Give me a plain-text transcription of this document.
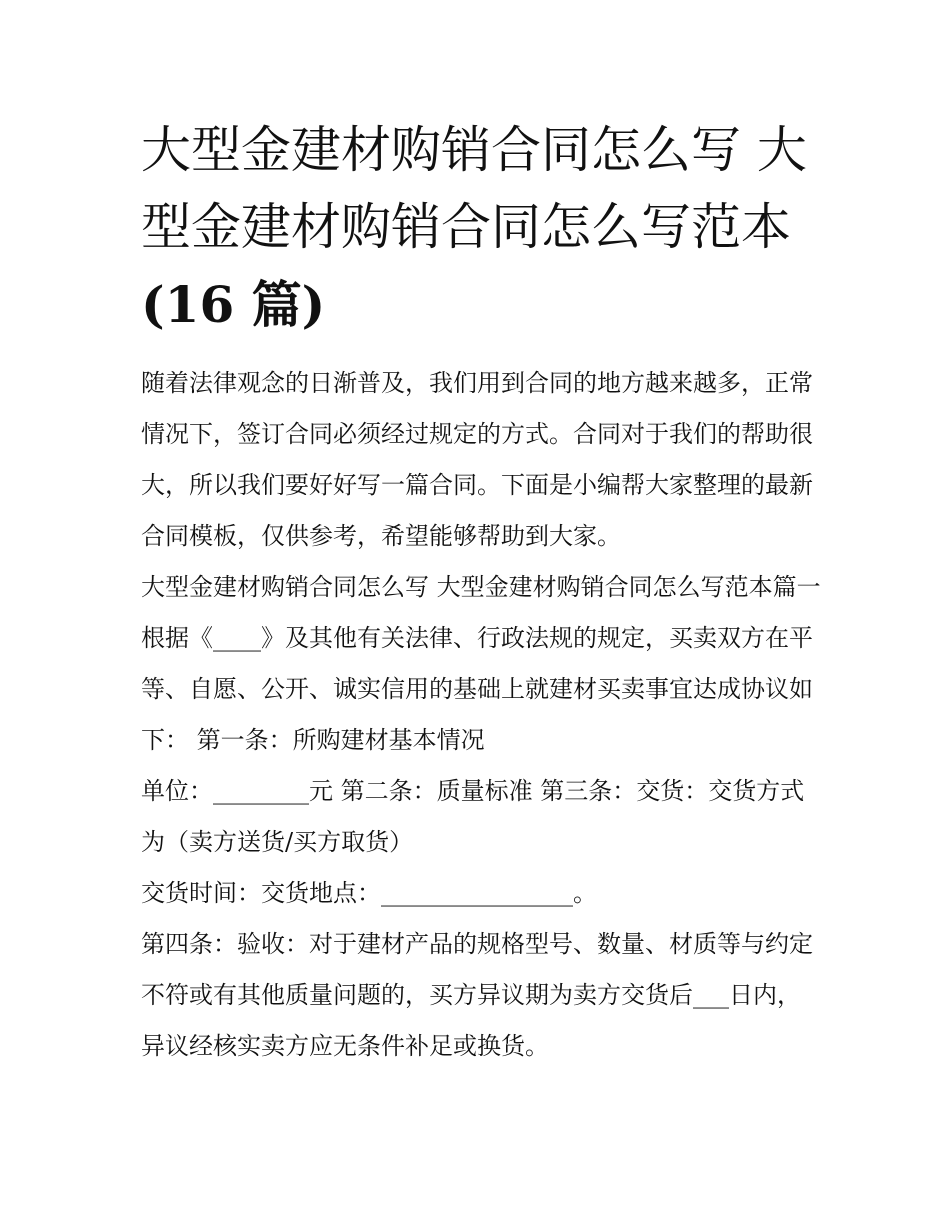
大型金建材购销合同怎么写 大型金建材购销合同怎么写范本
(16 篇)

随着法律观念的日渐普及，我们用到合同的地方越来越多，正常情况下，签订合同必须经过规定的方式。合同对于我们的帮助很大，所以我们要好好写一篇合同。下面是小编帮大家整理的最新合同模板，仅供参考，希望能够帮助到大家。

大型金建材购销合同怎么写 大型金建材购销合同怎么写范本篇一

根据《____》及其他有关法律、行政法规的规定，买卖双方在平等、自愿、公开、诚实信用的基础上就建材买卖事宜达成协议如下： 第一条：所购建材基本情况

单位：________元 第二条：质量标准 第三条：交货：交货方式为（卖方送货/买方取货）

交货时间：交货地点：________________。

第四条：验收：对于建材产品的规格型号、数量、材质等与约定不符或有其他质量问题的，买方异议期为卖方交货后___日内，异议经核实卖方应无条件补足或换货。
